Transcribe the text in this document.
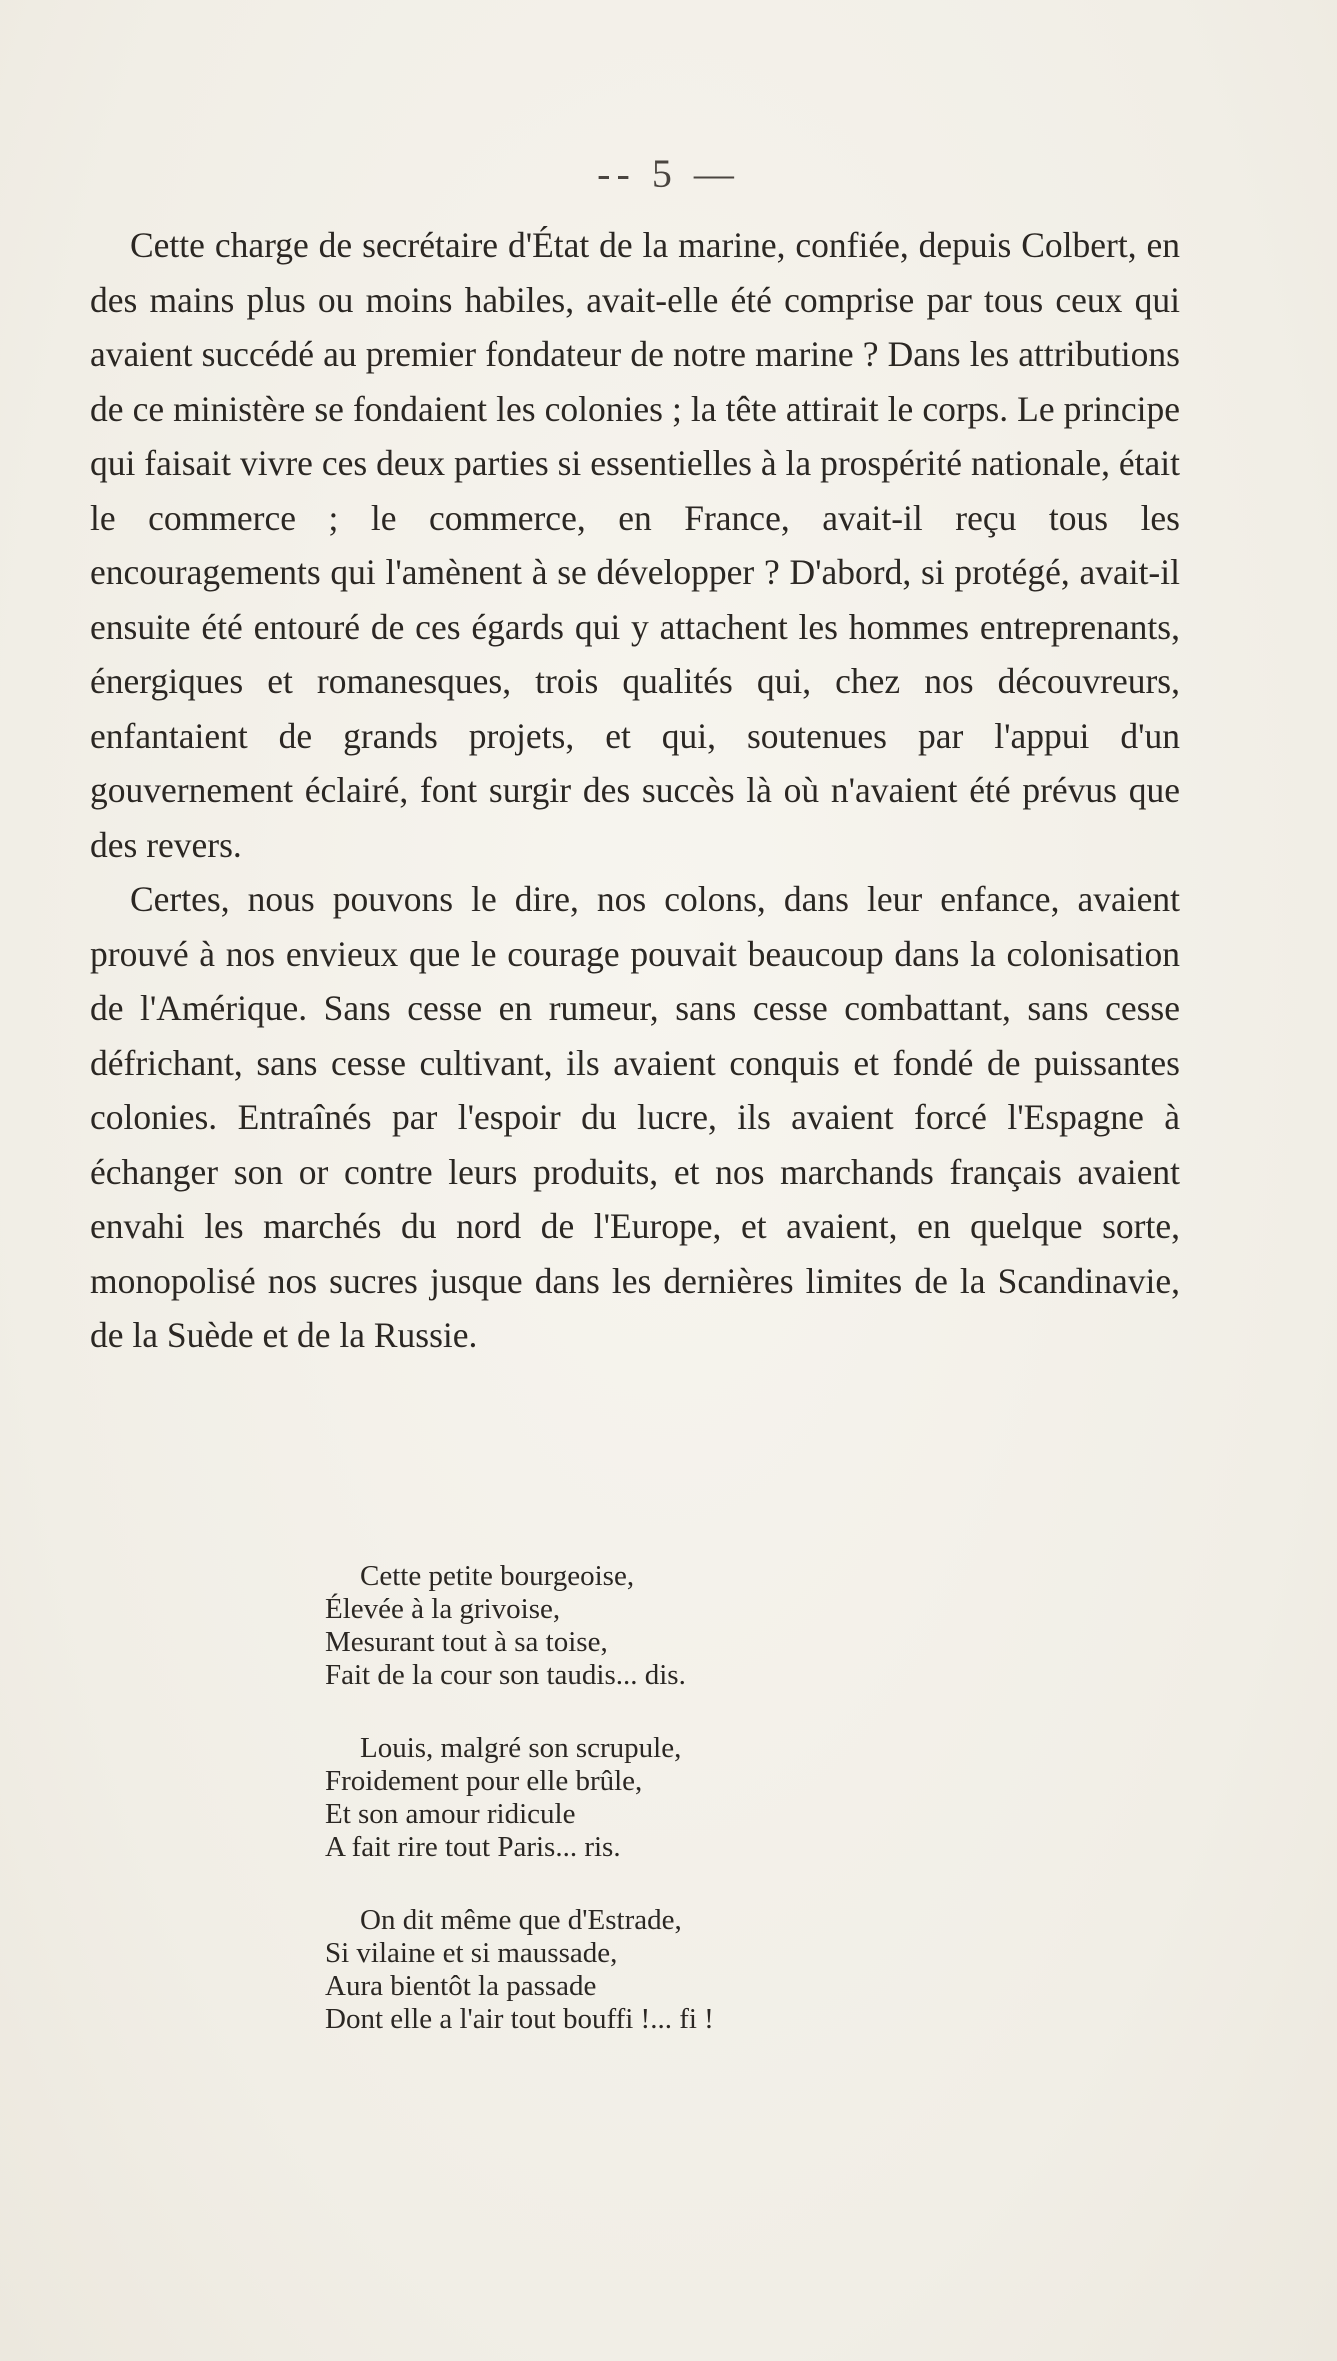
-- 5 —

Cette charge de secrétaire d'État de la marine, confiée, depuis Colbert, en des mains plus ou moins habiles, avait-elle été comprise par tous ceux qui avaient succédé au premier fondateur de notre marine ? Dans les attributions de ce ministère se fondaient les colonies ; la tête attirait le corps. Le principe qui faisait vivre ces deux parties si essentielles à la prospérité nationale, était le commerce ; le commerce, en France, avait-il reçu tous les encouragements qui l'amènent à se développer ? D'abord, si protégé, avait-il ensuite été entouré de ces égards qui y attachent les hommes entreprenants, énergiques et romanesques, trois qualités qui, chez nos découvreurs, enfantaient de grands projets, et qui, soutenues par l'appui d'un gouvernement éclairé, font surgir des succès là où n'avaient été prévus que des revers.

Certes, nous pouvons le dire, nos colons, dans leur enfance, avaient prouvé à nos envieux que le courage pouvait beaucoup dans la colonisation de l'Amérique. Sans cesse en rumeur, sans cesse combattant, sans cesse défrichant, sans cesse cultivant, ils avaient conquis et fondé de puissantes colonies. Entraînés par l'espoir du lucre, ils avaient forcé l'Espagne à échanger son or contre leurs produits, et nos marchands français avaient envahi les marchés du nord de l'Europe, et avaient, en quelque sorte, monopolisé nos sucres jusque dans les dernières limites de la Scandinavie, de la Suède et de la Russie.

Cette petite bourgeoise,
Élevée à la grivoise,
Mesurant tout à sa toise,
Fait de la cour son taudis... dis.
Louis, malgré son scrupule,
Froidement pour elle brûle,
Et son amour ridicule
A fait rire tout Paris... ris.
On dit même que d'Estrade,
Si vilaine et si maussade,
Aura bientôt la passade
Dont elle a l'air tout bouffi !... fi !
